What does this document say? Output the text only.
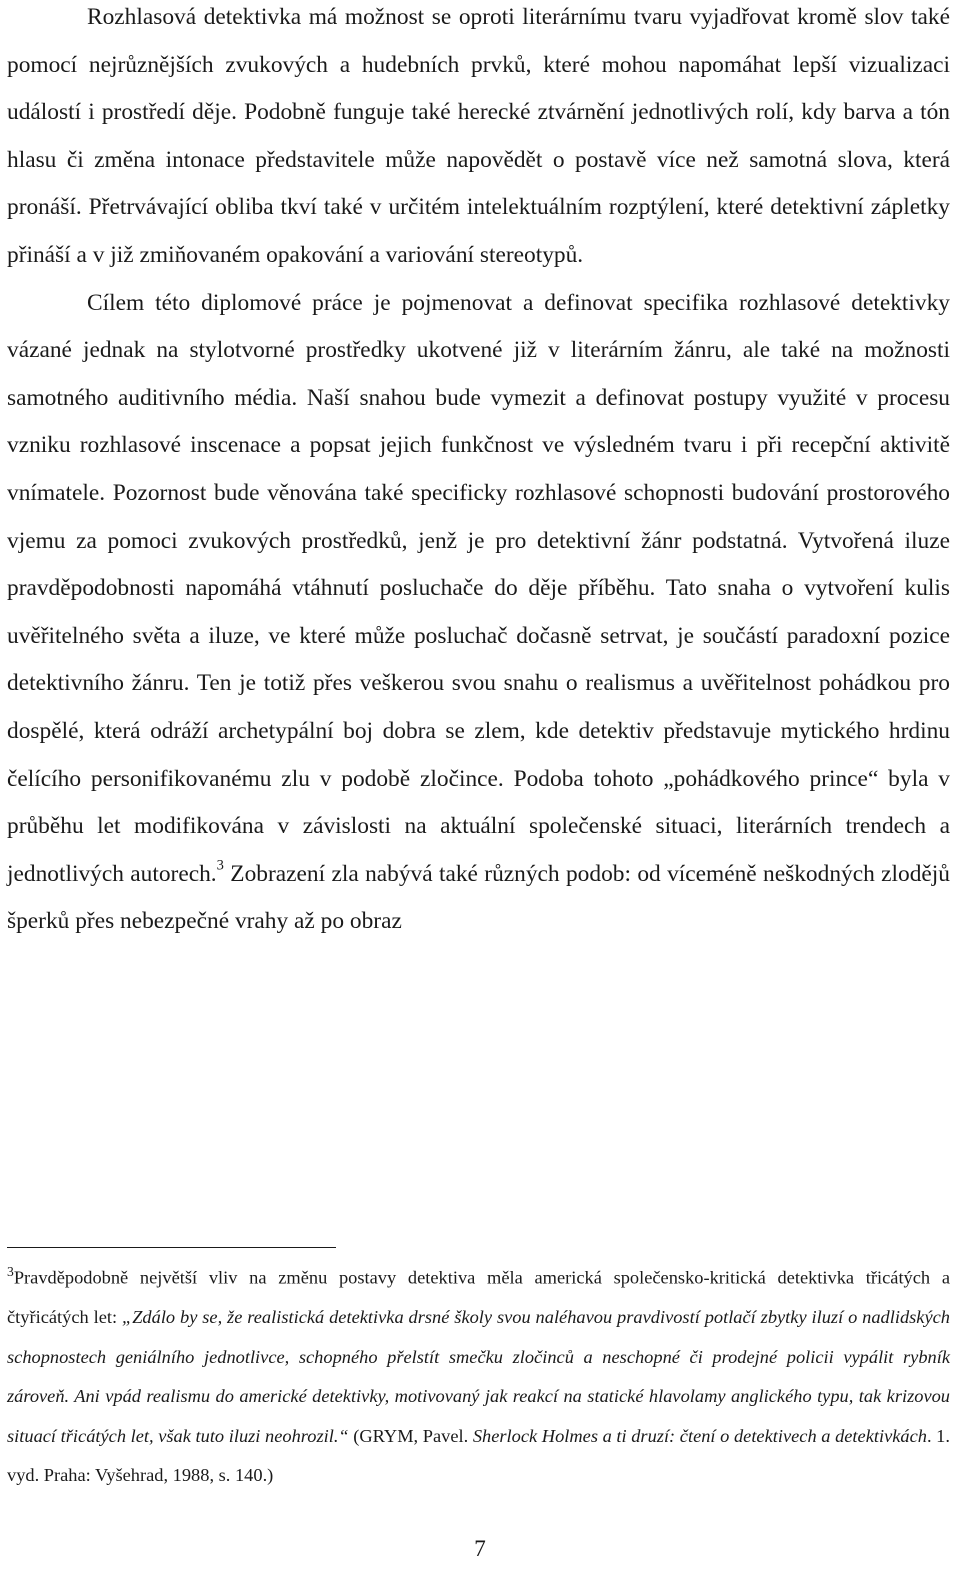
Rozhlasová detektivka má možnost se oproti literárnímu tvaru vyjadřovat kromě slov také pomocí nejrůznějších zvukových a hudebních prvků, které mohou napomáhat lepší vizualizaci událostí i prostředí děje. Podobně funguje také herecké ztvárnění jednotlivých rolí, kdy barva a tón hlasu či změna intonace představitele může napovědět o postavě více než samotná slova, která pronáší. Přetrvávající obliba tkví také v určitém intelektuálním rozptýlení, které detektivní zápletky přináší a v již zmiňovaném opakování a variování stereotypů.

Cílem této diplomové práce je pojmenovat a definovat specifika rozhlasové detektivky vázané jednak na stylotvorné prostředky ukotvené již v literárním žánru, ale také na možnosti samotného auditivního média. Naší snahou bude vymezit a definovat postupy využité v procesu vzniku rozhlasové inscenace a popsat jejich funkčnost ve výsledném tvaru i při recepční aktivitě vnímatele. Pozornost bude věnována také specificky rozhlasové schopnosti budování prostorového vjemu za pomoci zvukových prostředků, jenž je pro detektivní žánr podstatná. Vytvořená iluze pravděpodobnosti napomáhá vtáhnutí posluchače do děje příběhu. Tato snaha o vytvoření kulis uvěřitelného světa a iluze, ve které může posluchač dočasně setrvat, je součástí paradoxní pozice detektivního žánru. Ten je totiž přes veškerou svou snahu o realismus a uvěřitelnost pohádkou pro dospělé, která odráží archetypální boj dobra se zlem, kde detektiv představuje mytického hrdinu čelícího personifikovanému zlu v podobě zločince. Podoba tohoto „pohádkového prince“ byla v průběhu let modifikována v závislosti na aktuální společenské situaci, literárních trendech a jednotlivých autorech.$^3$ Zobrazení zla nabývá také různých podob: od víceméně neškodných zlodějů šperků přes nebezpečné vrahy až po obraz

$^3$Pravděpodobně největší vliv na změnu postavy detektiva měla americká společensko-kritická detektivka třicátých a čtyřicátých let: „Zdálo by se, že realistická detektivka drsné školy svou naléhavou pravdivostí potlačí zbytky iluzí o nadlidských schopnostech geniálního jednotlivce, schopného přelstít smečku zločinců a neschopné či prodejné policii vypálit rybník zároveň. Ani vpád realismu do americké detektivky, motivovaný jak reakcí na statické hlavolamy anglického typu, tak krizovou situací třicátých let, však tuto iluzi neohrozil.“ (GRYM, Pavel. Sherlock Holmes a ti druzí: čtení o detektivech a detektivkách. 1. vyd. Praha: Vyšehrad, 1988, s. 140.)

7
